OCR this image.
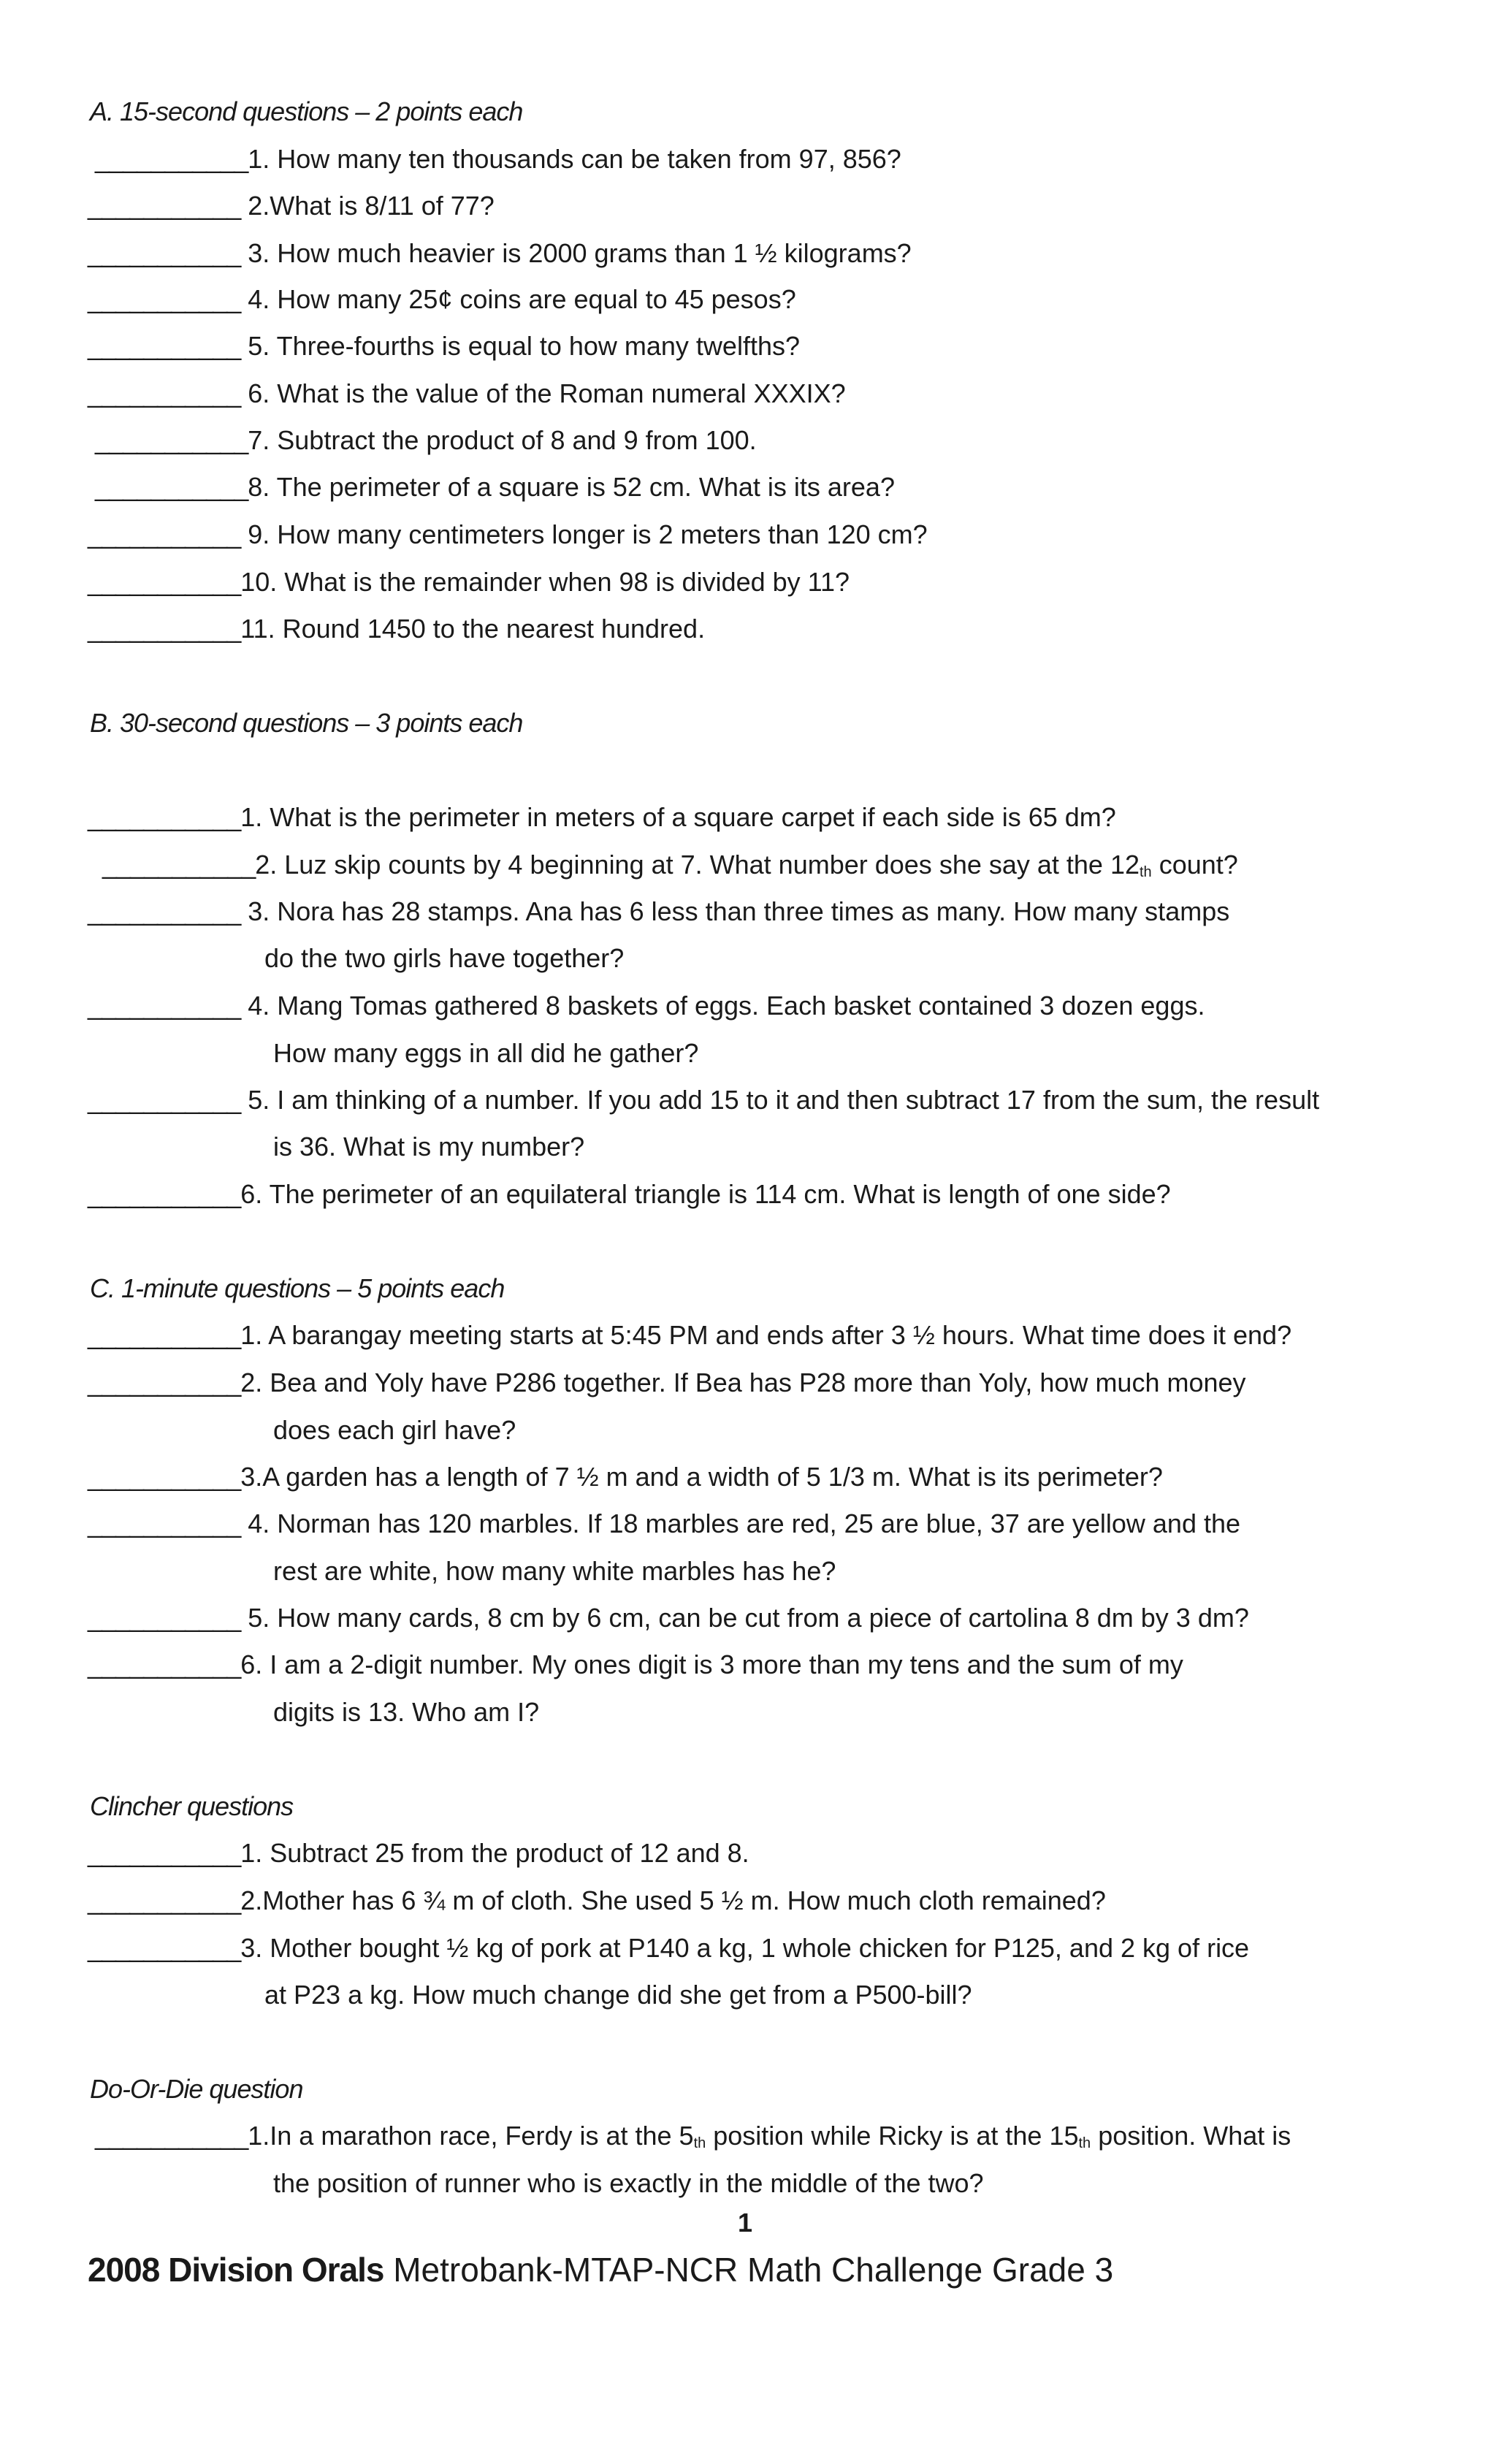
A. 15-second questions – 2 points each
___________1. How many ten thousands can be taken from 97, 856?
___________ 2.What is 8/11 of 77?
___________ 3. How much heavier is 2000 grams than 1 ½ kilograms?
___________ 4. How many 25¢ coins are equal to 45 pesos?
___________ 5. Three-fourths is equal to how many twelfths?
___________ 6. What is the value of the Roman numeral XXXIX?
___________7. Subtract the product of 8 and 9 from 100.
___________8. The perimeter of a square is 52 cm. What is its area?
___________ 9. How many centimeters longer is 2 meters than 120 cm?
___________10. What is the remainder when 98 is divided by 11?
___________11. Round 1450 to the nearest hundred.
B. 30-second questions – 3 points each
___________1. What is the perimeter in meters of a square carpet if each side is 65 dm?
___________2. Luz skip counts by 4 beginning at 7. What number does she say at the $12_{th}$ count?
___________ 3. Nora has 28 stamps. Ana has 6 less than three times as many. How many stamps
do the two girls have together?
___________ 4. Mang Tomas gathered 8 baskets of eggs. Each basket contained 3 dozen eggs.
How many eggs in all did he gather?
___________ 5. I am thinking of a number. If you add 15 to it and then subtract 17 from the sum, the result
is 36. What is my number?
___________6. The perimeter of an equilateral triangle is 114 cm. What is length of one side?
C. 1-minute questions – 5 points each
___________1. A barangay meeting starts at 5:45 PM and ends after 3 ½ hours. What time does it end?
___________2. Bea and Yoly have P286 together. If Bea has P28 more than Yoly, how much money
does each girl have?
___________3.A garden has a length of 7 ½ m and a width of 5 1/3 m. What is its perimeter?
___________ 4. Norman has 120 marbles. If 18 marbles are red, 25 are blue, 37 are yellow and the
rest are white, how many white marbles has he?
___________ 5. How many cards, 8 cm by 6 cm, can be cut from a piece of cartolina 8 dm by 3 dm?
___________6. I am a 2-digit number. My ones digit is 3 more than my tens and the sum of my
digits is 13. Who am I?
Clincher questions
___________1. Subtract 25 from the product of 12 and 8.
___________2.Mother has 6 ¾ m of cloth. She used 5 ½ m. How much cloth remained?
___________3. Mother bought ½ kg of pork at P140 a kg, 1 whole chicken for P125, and 2 kg of rice
at P23 a kg. How much change did she get from a P500-bill?
Do-Or-Die question
___________1.In a marathon race, Ferdy is at the $5_{th}$ position while Ricky is at the $15_{th}$ position. What is
the position of runner who is exactly in the middle of the two?
1
2008 Division Orals Metrobank-MTAP-NCR Math Challenge Grade 3
